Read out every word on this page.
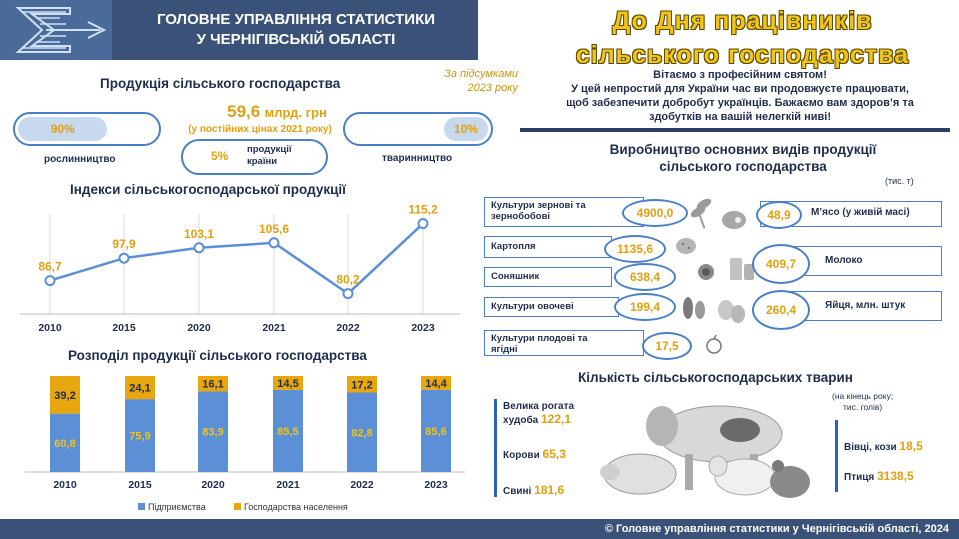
ГОЛОВНЕ УПРАВЛІННЯ СТАТИСТИКИ
У ЧЕРНІГІВСЬКІЙ ОБЛАСТІ
До Дня працівників
сільського господарства
Вітаємо з професійним святом!
У цей непростий для України час ви продовжуєте працювати,
щоб забезпечити добробут українців. Бажаємо вам здоров’я та
здобутків на вашій нелегкій ниві!
Продукція сільського господарства
За підсумками
2023 року
59,6 млрд. грн
(у постійних цінах 2021 року)
90%
рослинництво
10%
тваринництво
5% продукції
країни
Індекси сільськогосподарської продукції
86,7
2010
97,9
2015
103,1
2020
105,6
2021
80,2
2022
115,2
2023
Розподіл продукції сільського господарства
60,8
39,2
2010
75,9
24,1
2015
83,9
16,1
2020
85,5
14,5
2021
82,8
17,2
2022
85,6
14,4
2023
Підприємства	Господарства населення
Виробництво основних видів продукції
сільського господарства
(тис. т)
Культури зернові та
зернобобові	4900,0
Картопля	1135,6
Соняшник	638,4
Культури овочеві	199,4
Культури плодові та
ягідні	17,5
М’ясо (у живій масі)
48,9
Молоко
409,7
Яйця, млн. штук
260,4
Кількість сільськогосподарських тварин
(на кінець року;
тис. голів)
Велика рогата
худоба 122,1
Корови 65,3
Свині 181,6
Вівці, кози 18,5
Птиця 3138,5
© Головне управління статистики у Чернігівській області, 2024
